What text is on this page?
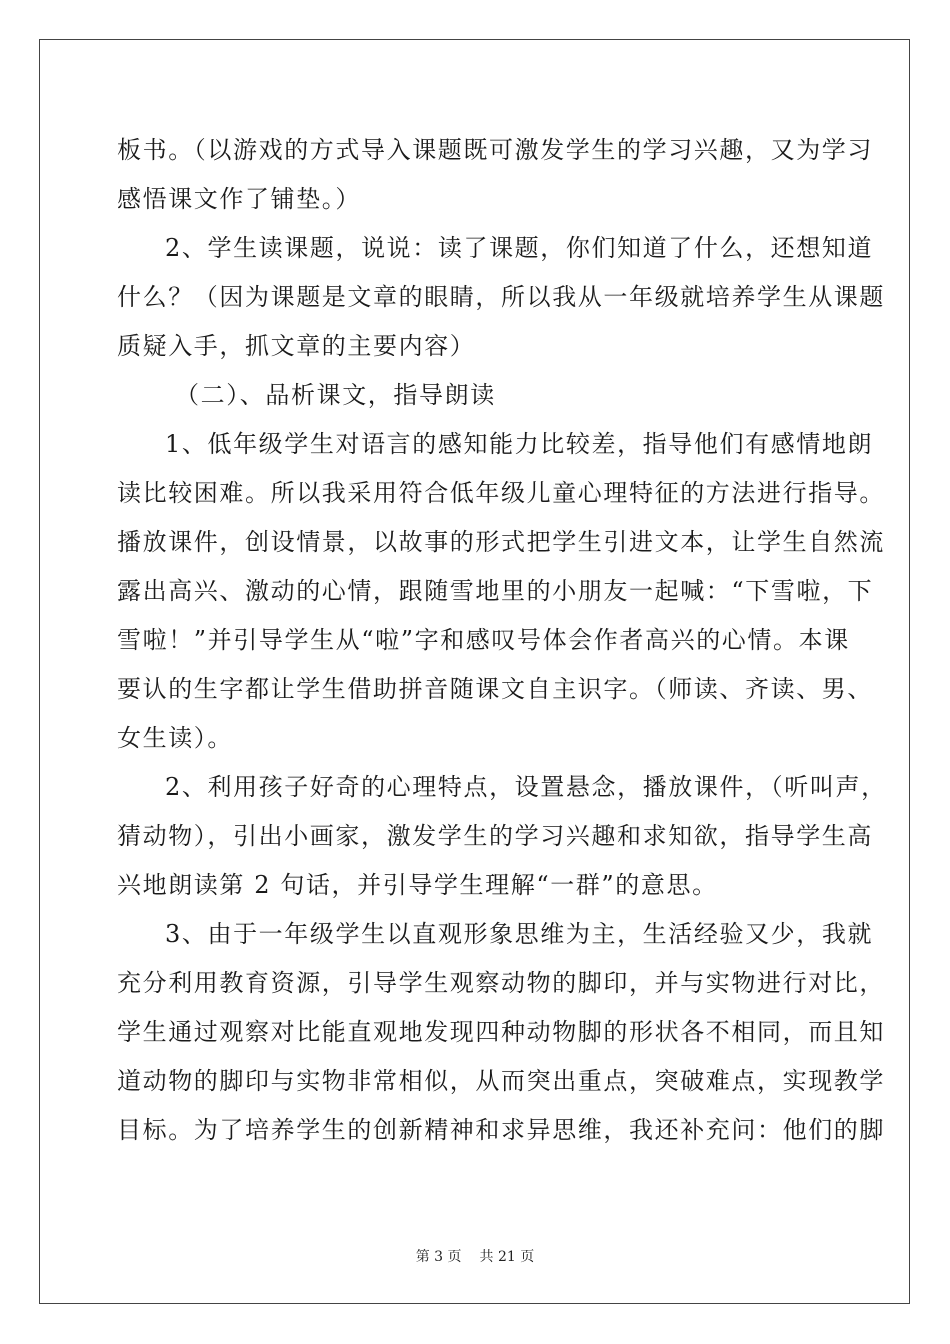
板书。（以游戏的方式导入课题既可激发学生的学习兴趣，又为学习
感悟课文作了铺垫。）
2、学生读课题，说说：读了课题，你们知道了什么，还想知道
什么？（因为课题是文章的眼睛，所以我从一年级就培养学生从课题
质疑入手，抓文章的主要内容）
（二）、品析课文，指导朗读
1、低年级学生对语言的感知能力比较差，指导他们有感情地朗
读比较困难。所以我采用符合低年级儿童心理特征的方法进行指导。
播放课件，创设情景，以故事的形式把学生引进文本，让学生自然流
露出高兴、激动的心情，跟随雪地里的小朋友一起喊：“下雪啦，下
雪啦！”并引导学生从“啦”字和感叹号体会作者高兴的心情。本课
要认的生字都让学生借助拼音随课文自主识字。（师读、齐读、男、
女生读）。
2、利用孩子好奇的心理特点，设置悬念，播放课件，（听叫声，
猜动物），引出小画家，激发学生的学习兴趣和求知欲，指导学生高
兴地朗读第 2 句话，并引导学生理解“一群”的意思。
3、由于一年级学生以直观形象思维为主，生活经验又少，我就
充分利用教育资源，引导学生观察动物的脚印，并与实物进行对比，
学生通过观察对比能直观地发现四种动物脚的形状各不相同，而且知
道动物的脚印与实物非常相似，从而突出重点，突破难点，实现教学
目标。为了培养学生的创新精神和求异思维，我还补充问：他们的脚
第 3 页 共 21 页
